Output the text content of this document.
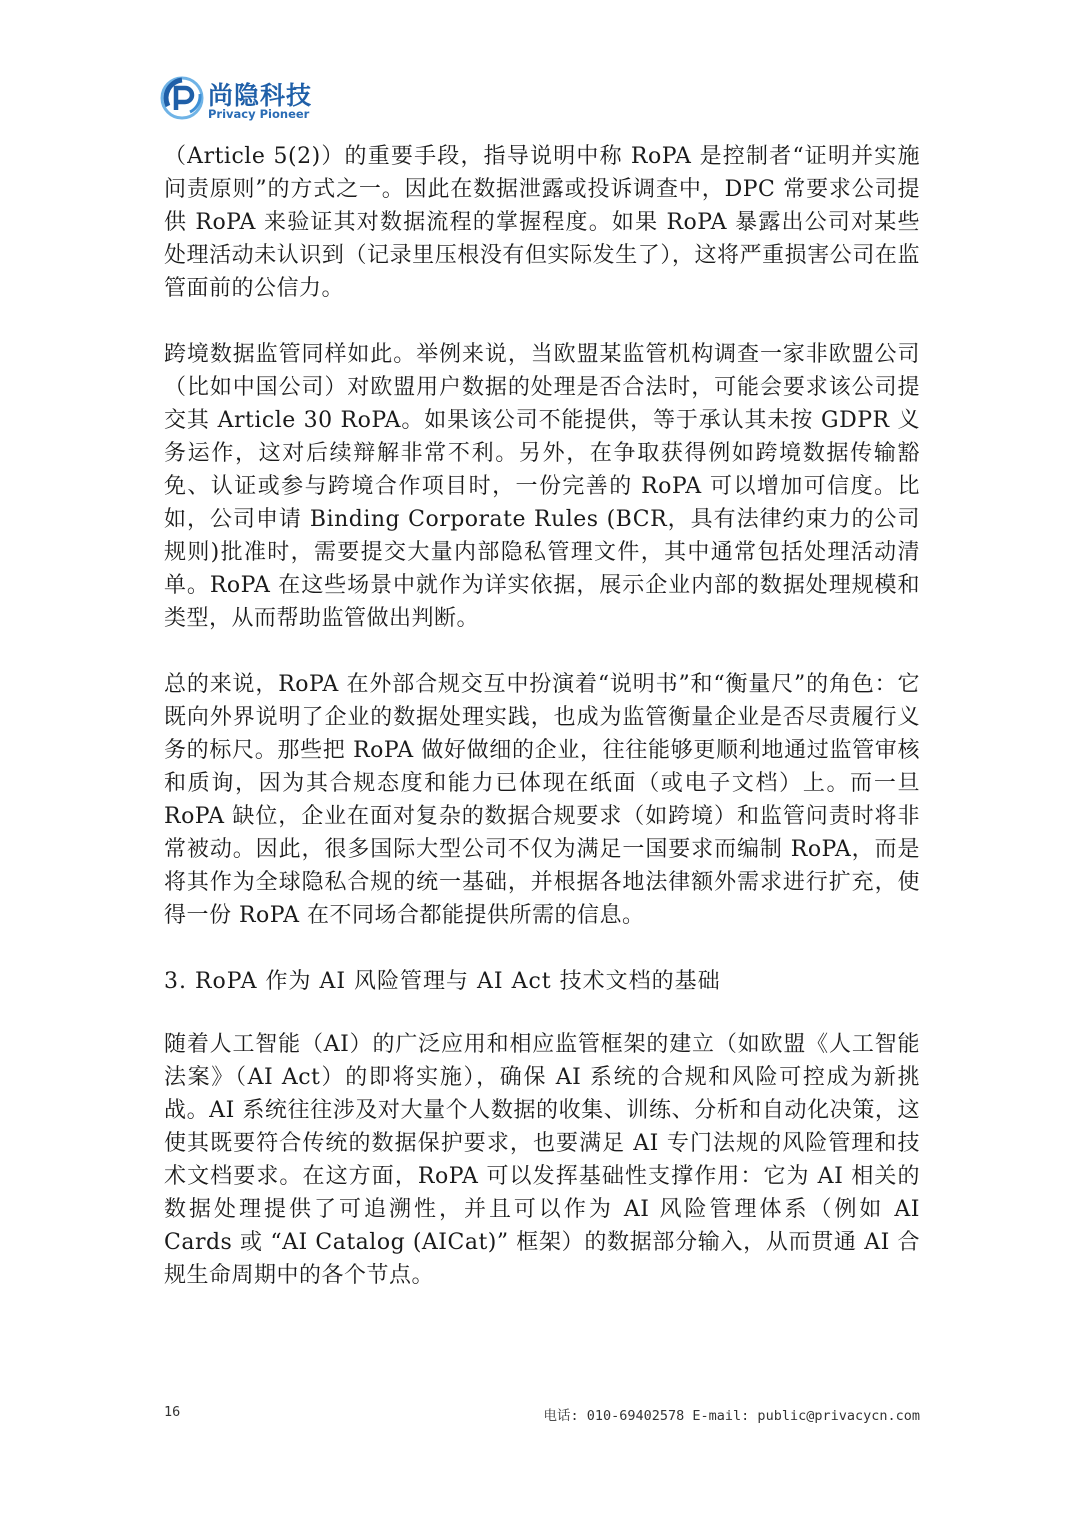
尚隐科技
Privacy Pioneer

（Article 5(2)）的重要手段，指导说明中称 RoPA 是控制者“证明并实施问责原则”的方式之一。因此在数据泄露或投诉调查中，DPC 常要求公司提供 RoPA 来验证其对数据流程的掌握程度。如果 RoPA 暴露出公司对某些处理活动未认识到（记录里压根没有但实际发生了），这将严重损害公司在监管面前的公信力。

跨境数据监管同样如此。举例来说，当欧盟某监管机构调查一家非欧盟公司（比如中国公司）对欧盟用户数据的处理是否合法时，可能会要求该公司提交其 Article 30 RoPA。如果该公司不能提供，等于承认其未按 GDPR 义务运作，这对后续辩解非常不利。另外，在争取获得例如跨境数据传输豁免、认证或参与跨境合作项目时，一份完善的 RoPA 可以增加可信度。比如，公司申请 Binding Corporate Rules (BCR，具有法律约束力的公司规则)批准时，需要提交大量内部隐私管理文件，其中通常包括处理活动清单。RoPA 在这些场景中就作为详实依据，展示企业内部的数据处理规模和类型，从而帮助监管做出判断。

总的来说，RoPA 在外部合规交互中扮演着“说明书”和“衡量尺”的角色：它既向外界说明了企业的数据处理实践，也成为监管衡量企业是否尽责履行义务的标尺。那些把 RoPA 做好做细的企业，往往能够更顺利地通过监管审核和质询，因为其合规态度和能力已体现在纸面（或电子文档）上。而一旦 RoPA 缺位，企业在面对复杂的数据合规要求（如跨境）和监管问责时将非常被动。因此，很多国际大型公司不仅为满足一国要求而编制 RoPA，而是将其作为全球隐私合规的统一基础，并根据各地法律额外需求进行扩充，使得一份 RoPA 在不同场合都能提供所需的信息。

3. RoPA 作为 AI 风险管理与 AI Act 技术文档的基础

随着人工智能（AI）的广泛应用和相应监管框架的建立（如欧盟《人工智能法案》（AI Act）的即将实施），确保 AI 系统的合规和风险可控成为新挑战。AI 系统往往涉及对大量个人数据的收集、训练、分析和自动化决策，这使其既要符合传统的数据保护要求，也要满足 AI 专门法规的风险管理和技术文档要求。在这方面，RoPA 可以发挥基础性支撑作用：它为 AI 相关的数据处理提供了可追溯性，并且可以作为 AI 风险管理体系（例如 AI Cards 或 “AI Catalog (AICat)” 框架）的数据部分输入，从而贯通 AI 合规生命周期中的各个节点。

16	电话: 010-69402578 E-mail: public@privacycn.com
